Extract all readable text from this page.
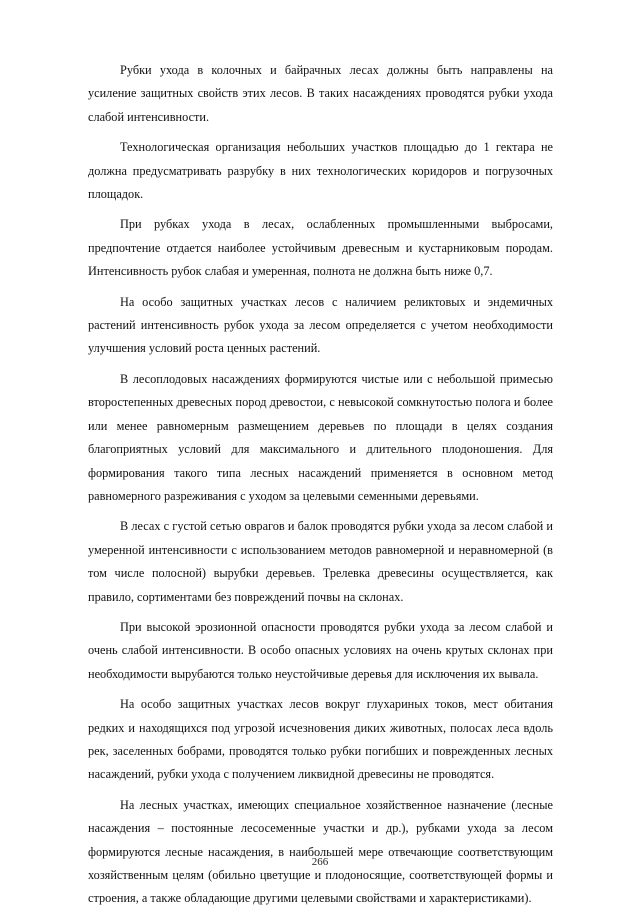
Рубки ухода в колочных и байрачных лесах должны быть направлены на усиление защитных свойств этих лесов. В таких насаждениях проводятся рубки ухода слабой интенсивности.

Технологическая организация небольших участков площадью до 1 гектара не должна предусматривать разрубку в них технологических коридоров и погрузочных площадок.

При рубках ухода в лесах, ослабленных промышленными выбросами, предпочтение отдается наиболее устойчивым древесным и кустарниковым породам. Интенсивность рубок слабая и умеренная, полнота не должна быть ниже 0,7.

На особо защитных участках лесов с наличием реликтовых и эндемичных растений интенсивность рубок ухода за лесом определяется с учетом необходимости улучшения условий роста ценных растений.

В лесоплодовых насаждениях формируются чистые или с небольшой примесью второстепенных древесных пород древостои, с невысокой сомкнутостью полога и более или менее равномерным размещением деревьев по площади в целях создания благоприятных условий для максимального и длительного плодоношения. Для формирования такого типа лесных насаждений применяется в основном метод равномерного разреживания с уходом за целевыми семенными деревьями.

В лесах с густой сетью оврагов и балок проводятся рубки ухода за лесом слабой и умеренной интенсивности с использованием методов равномерной и неравномерной (в том числе полосной) вырубки деревьев. Трелевка древесины осуществляется, как правило, сортиментами без повреждений почвы на склонах.

При высокой эрозионной опасности проводятся рубки ухода за лесом слабой и очень слабой интенсивности. В особо опасных условиях на очень крутых склонах при необходимости вырубаются только неустойчивые деревья для исключения их вывала.

На особо защитных участках лесов вокруг глухариных токов, мест обитания редких и находящихся под угрозой исчезновения диких животных, полосах леса вдоль рек, заселенных бобрами, проводятся только рубки погибших и поврежденных лесных насаждений, рубки ухода с получением ликвидной древесины не проводятся.

На лесных участках, имеющих специальное хозяйственное назначение (лесные насаждения – постоянные лесосеменные участки и др.), рубками ухода за лесом формируются лесные насаждения, в наибольшей мере отвечающие соответствующим хозяйственным целям (обильно цветущие и плодоносящие, соответствующей формы и строения, а также обладающие другими целевыми свойствами и характеристиками).

266
